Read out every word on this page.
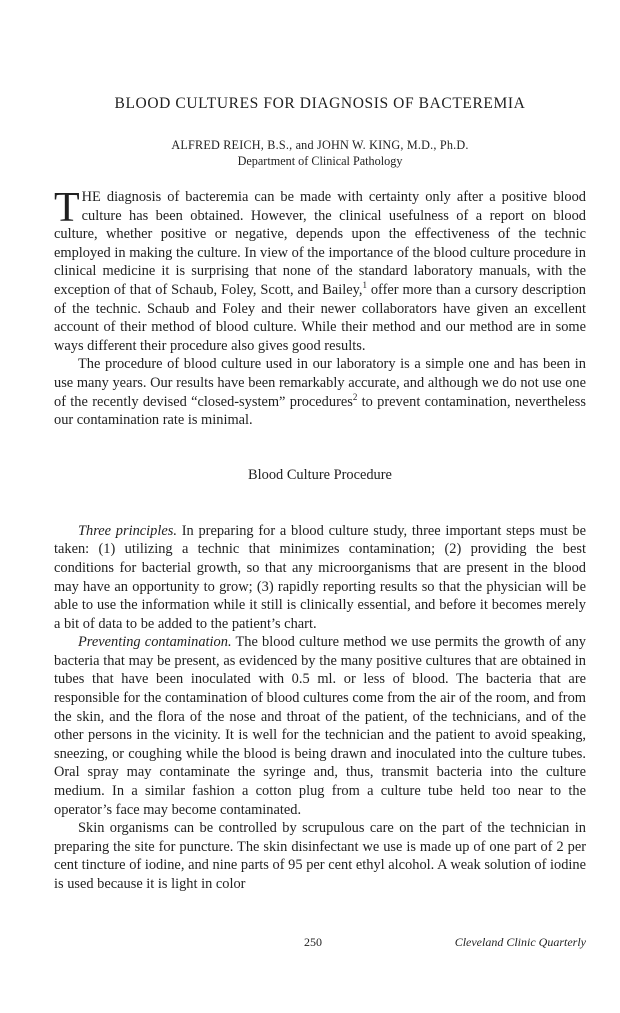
BLOOD CULTURES FOR DIAGNOSIS OF BACTEREMIA
ALFRED REICH, B.S., and JOHN W. KING, M.D., Ph.D.
Department of Clinical Pathology

THE diagnosis of bacteremia can be made with certainty only after a positive blood culture has been obtained. However, the clinical usefulness of a report on blood culture, whether positive or negative, depends upon the effectiveness of the technic employed in making the culture. In view of the importance of the blood culture procedure in clinical medicine it is surprising that none of the standard laboratory manuals, with the exception of that of Schaub, Foley, Scott, and Bailey,$^1$ offer more than a cursory description of the technic. Schaub and Foley and their newer collaborators have given an excellent account of their method of blood culture. While their method and our method are in some ways different their procedure also gives good results.

The procedure of blood culture used in our laboratory is a simple one and has been in use many years. Our results have been remarkably accurate, and although we do not use one of the recently devised “closed-system” procedures$^2$ to prevent contamination, nevertheless our contamination rate is minimal.

Blood Culture Procedure

Three principles. In preparing for a blood culture study, three important steps must be taken: (1) utilizing a technic that minimizes contamination; (2) providing the best conditions for bacterial growth, so that any microorganisms that are present in the blood may have an opportunity to grow; (3) rapidly reporting results so that the physician will be able to use the information while it still is clinically essential, and before it becomes merely a bit of data to be added to the patient’s chart.

Preventing contamination. The blood culture method we use permits the growth of any bacteria that may be present, as evidenced by the many positive cultures that are obtained in tubes that have been inoculated with 0.5 ml. or less of blood. The bacteria that are responsible for the contamination of blood cultures come from the air of the room, and from the skin, and the flora of the nose and throat of the patient, of the technicians, and of the other persons in the vicinity. It is well for the technician and the patient to avoid speaking, sneezing, or coughing while the blood is being drawn and inoculated into the culture tubes. Oral spray may contaminate the syringe and, thus, transmit bacteria into the culture medium. In a similar fashion a cotton plug from a culture tube held too near to the operator’s face may become contaminated.

Skin organisms can be controlled by scrupulous care on the part of the technician in preparing the site for puncture. The skin disinfectant we use is made up of one part of 2 per cent tincture of iodine, and nine parts of 95 per cent ethyl alcohol. A weak solution of iodine is used because it is light in color

250	Cleveland Clinic Quarterly
